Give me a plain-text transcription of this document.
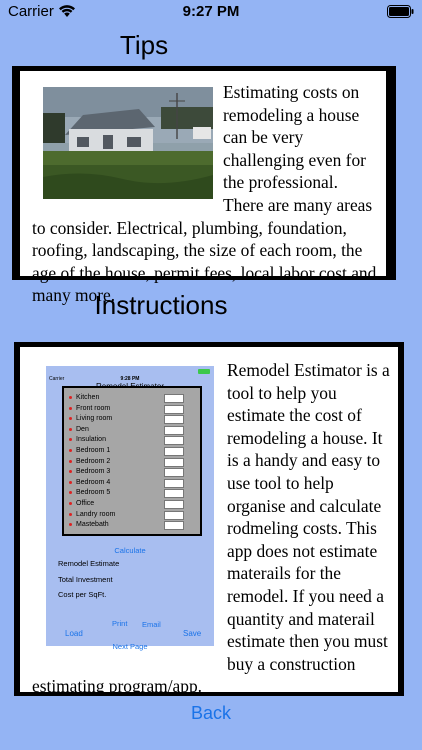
Carrier	9:27 PM
Tips
Estimating costs on remodeling a house can be very challenging even for the professional. There are many areas to consider. Electrical, plumbing, foundation, roofing, landscaping, the size of each room, the age of the house, permit fees, local labor cost and many more.
Instructions
Carrier	9:28 PM
Kitchen
Front room
Living room
Den
Insulation
Bedroom 1
Bedroom 2
Bedroom 3
Bedroom 4
Bedroom 5
Office
Landry room
Mastebath
Calculate
Remodel Estimate
Total Investment
Cost per SqFt.
Print Email
Load	Save
Next Page
Remodel Estimator is a tool to help you estimate the cost of remodeling a house. It is a handy and easy to use tool to help organise and calculate rodmeling costs. This app does not estimate materails for the remodel. If you need a quantity and materail estimate then you must buy a construction estimating program/app.
Back
